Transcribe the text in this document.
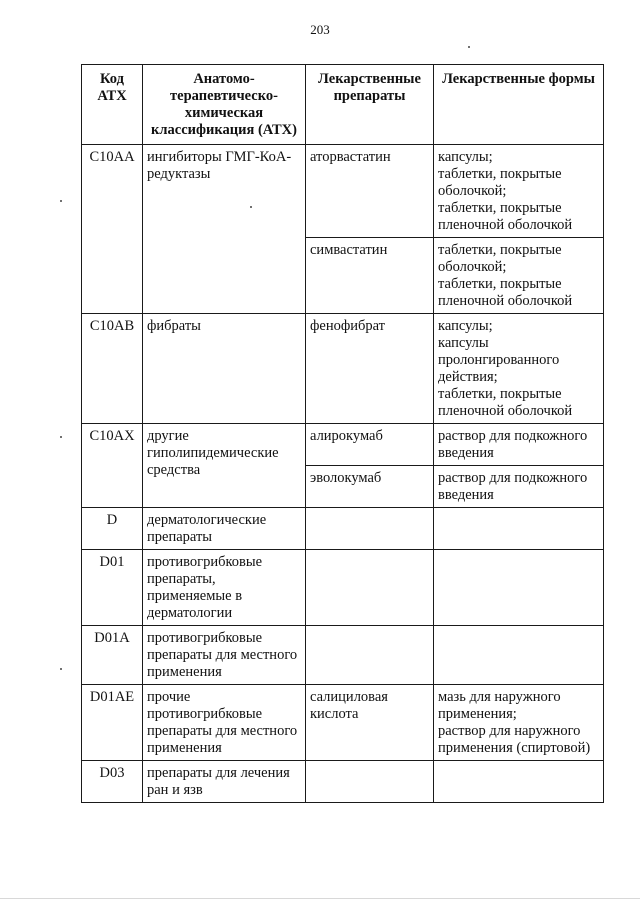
203
Код АТХ	Анатомо-терапевтическо-химическая классификация (АТХ)	Лекарственные препараты	Лекарственные формы
C10AA	ингибиторы ГМГ-КоА-редуктазы	аторвастатин	капсулы;
таблетки, покрытые оболочкой;
таблетки, покрытые пленочной оболочкой

		симвастатин	таблетки, покрытые оболочкой;
таблетки, покрытые пленочной оболочкой

C10AB	фибраты	фенофибрат	капсулы;
капсулы пролонгированного действия;
таблетки, покрытые пленочной оболочкой

C10AX	другие гиполипидемические средства	алирокумаб	раствор для подкожного введения

		эволокумаб	раствор для подкожного введения

D	дерматологические препараты		
D01	противогрибковые препараты, применяемые в дерматологии		
D01A	противогрибковые препараты для местного применения		
D01AE	прочие противогрибковые препараты для местного применения	салициловая кислота	мазь для наружного применения;
раствор для наружного применения (спиртовой)

D03	препараты для лечения ран и язв		
